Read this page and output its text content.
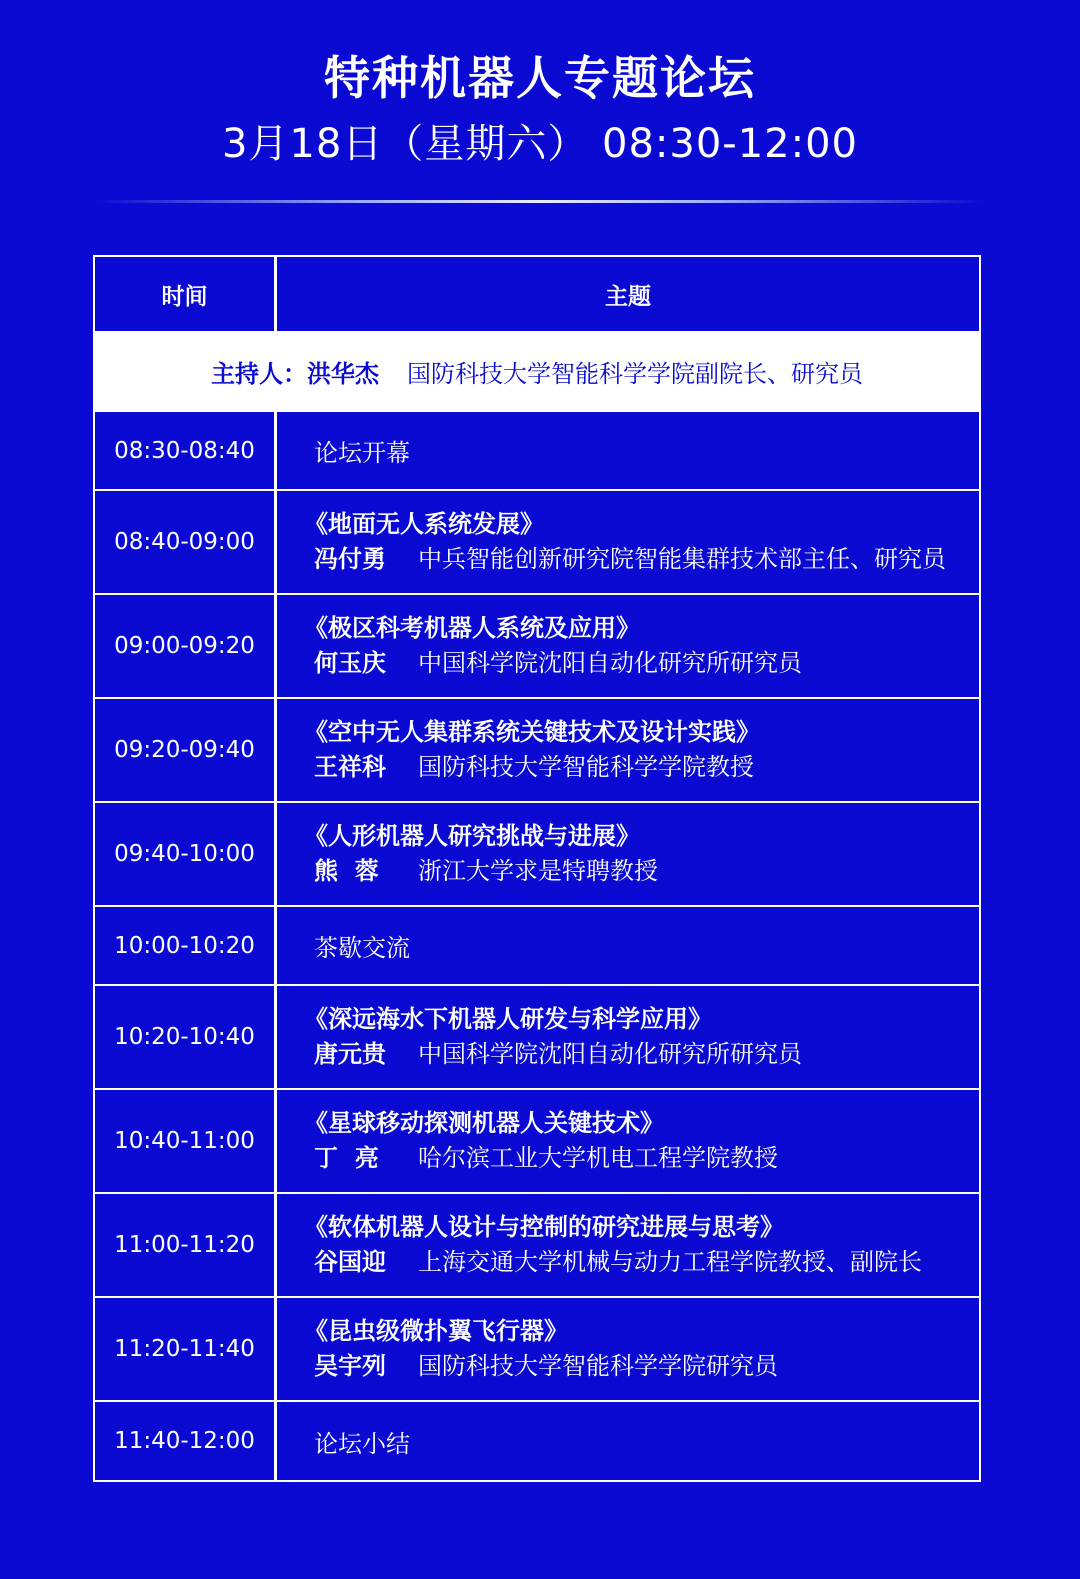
特种机器人专题论坛
3月18日（星期六） 08:30-12:00
时间	主题
主持人： 洪华杰 国防科技大学智能科学学院副院长、研究员
08:30-08:40	论坛开幕
08:40-09:00
《地面无人系统发展》
冯付勇 中兵智能创新研究院智能集群技术部主任、研究员
09:00-09:20
《极区科考机器人系统及应用》
何玉庆 中国科学院沈阳自动化研究所研究员
09:20-09:40
《空中无人集群系统关键技术及设计实践》
王祥科 国防科技大学智能科学学院教授
09:40-10:00
《人形机器人研究挑战与进展》
熊  蓉 浙江大学求是特聘教授
10:00-10:20	茶歇交流
10:20-10:40
《深远海水下机器人研发与科学应用》
唐元贵 中国科学院沈阳自动化研究所研究员
10:40-11:00
《星球移动探测机器人关键技术》
丁  亮 哈尔滨工业大学机电工程学院教授
11:00-11:20
《软体机器人设计与控制的研究进展与思考》
谷国迎 上海交通大学机械与动力工程学院教授、副院长
11:20-11:40
《昆虫级微扑翼飞行器》
吴宇列 国防科技大学智能科学学院研究员
11:40-12:00	论坛小结
